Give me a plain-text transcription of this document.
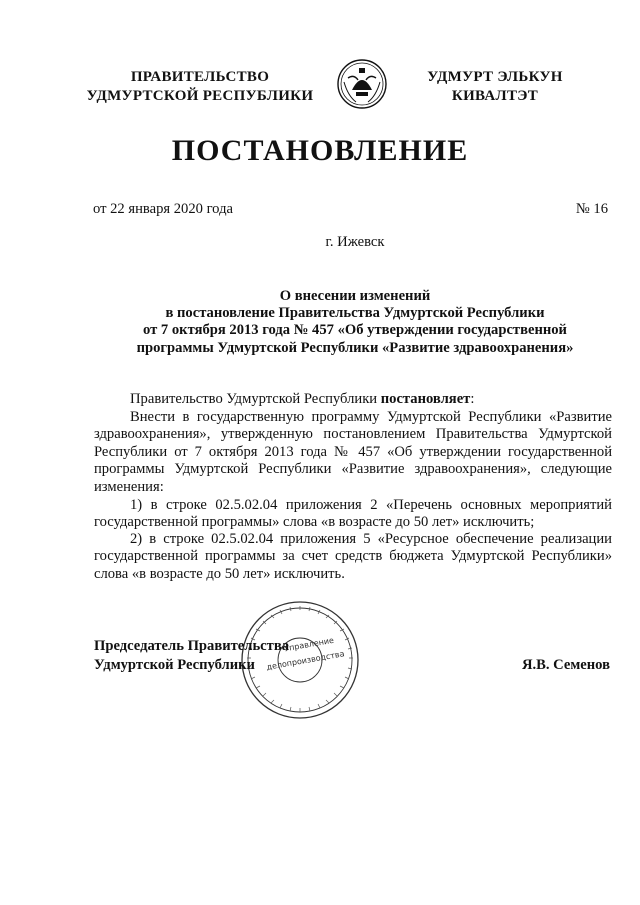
ПРАВИТЕЛЬСТВО
УДМУРТСКОЙ РЕСПУБЛИКИ
УДМУРТ ЭЛЬКУН
КИВАЛТЭТ
ПОСТАНОВЛЕНИЕ
от 22 января 2020 года	№ 16
г. Ижевск
О внесении изменений
в постановление Правительства Удмуртской Республики
от 7 октября 2013 года № 457 «Об утверждении государственной
программы Удмуртской Республики «Развитие здравоохранения»
Правительство Удмуртской Республики постановляет:
Внести в государственную программу Удмуртской Республики «Развитие здравоохранения», утвержденную постановлением Правительства Удмуртской Республики от 7 октября 2013 года № 457 «Об утверждении государственной программы Удмуртской Республики «Развитие здравоохранения», следующие изменения:
1) в строке 02.5.02.04 приложения 2 «Перечень основных мероприятий государственной программы» слова «в возрасте до 50 лет» исключить;
2) в строке 02.5.02.04 приложения 5 «Ресурсное обеспечение реализации государственной программы за счет средств бюджета Удмуртской Республики» слова «в возрасте до 50 лет» исключить.
Управление
делопроизводства
Председатель Правительства
Удмуртской Республики	Я.В. Семенов
